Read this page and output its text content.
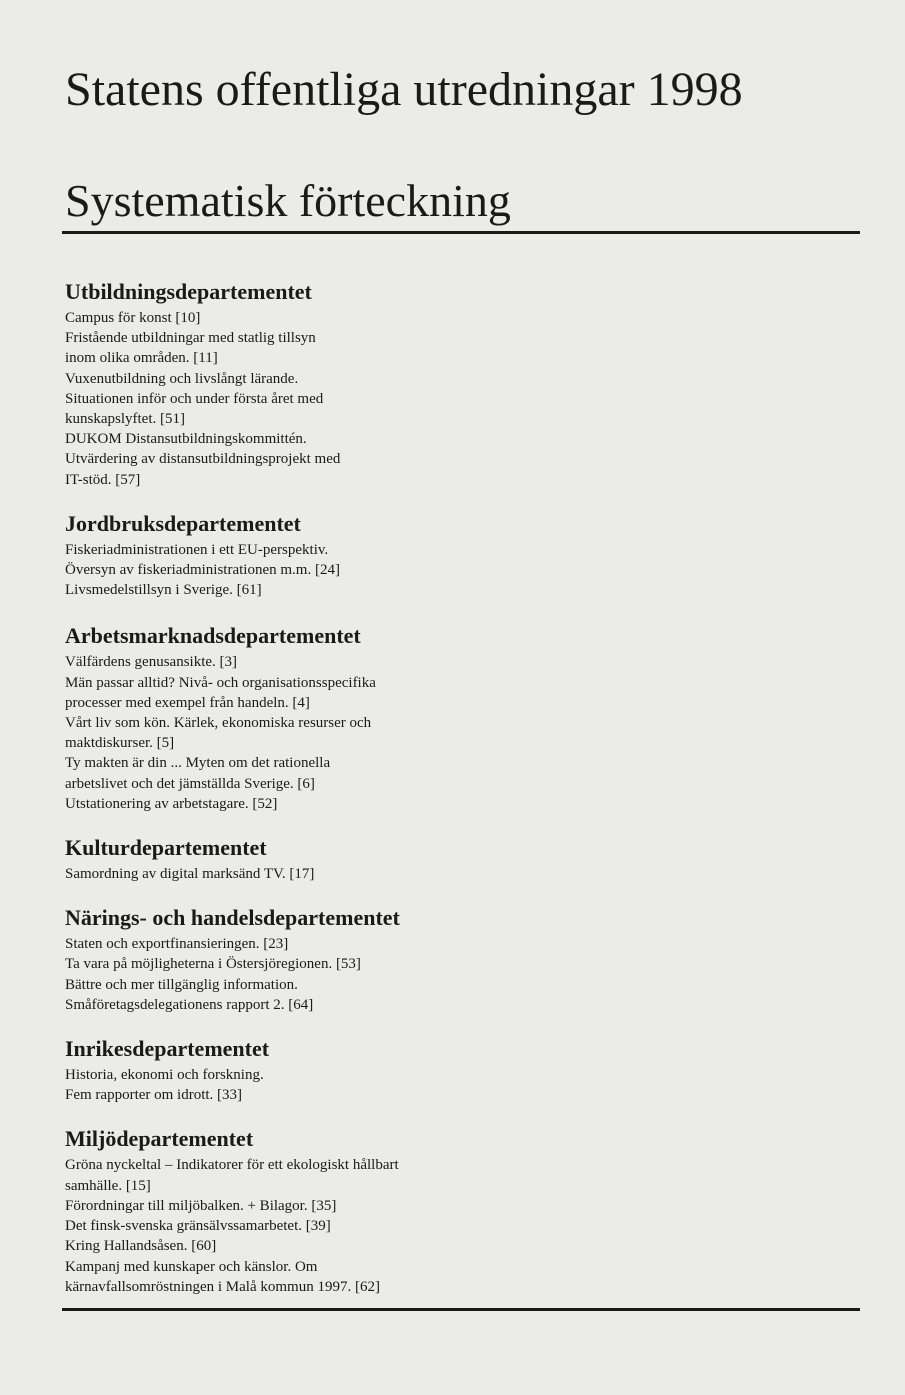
Statens offentliga utredningar 1998
Systematisk förteckning
Utbildningsdepartementet
Campus för konst [10]
Fristående utbildningar med statlig tillsyn
inom olika områden. [11]
Vuxenutbildning och livslångt lärande.
Situationen inför och under första året med
kunskapslyftet. [51]
DUKOM Distansutbildningskommittén.
Utvärdering av distansutbildningsprojekt med
IT-stöd. [57]
Jordbruksdepartementet
Fiskeriadministrationen i ett EU-perspektiv.
Översyn av fiskeriadministrationen m.m. [24]
Livsmedelstillsyn i Sverige. [61]
Arbetsmarknadsdepartementet
Välfärdens genusansikte. [3]
Män passar alltid? Nivå- och organisationsspecifika
processer med exempel från handeln. [4]
Vårt liv som kön. Kärlek, ekonomiska resurser och
maktdiskurser. [5]
Ty makten är din ... Myten om det rationella
arbetslivet och det jämställda Sverige. [6]
Utstationering av arbetstagare. [52]
Kulturdepartementet
Samordning av digital marksänd TV. [17]
Närings- och handelsdepartementet
Staten och exportfinansieringen. [23]
Ta vara på möjligheterna i Östersjöregionen. [53]
Bättre och mer tillgänglig information.
Småföretagsdelegationens rapport 2. [64]
Inrikesdepartementet
Historia, ekonomi och forskning.
Fem rapporter om idrott. [33]
Miljödepartementet
Gröna nyckeltal – Indikatorer för ett ekologiskt hållbart
samhälle. [15]
Förordningar till miljöbalken. + Bilagor. [35]
Det finsk-svenska gränsälvssamarbetet. [39]
Kring Hallandsåsen. [60]
Kampanj med kunskaper och känslor. Om
kärnavfallsomröstningen i Malå kommun 1997. [62]
